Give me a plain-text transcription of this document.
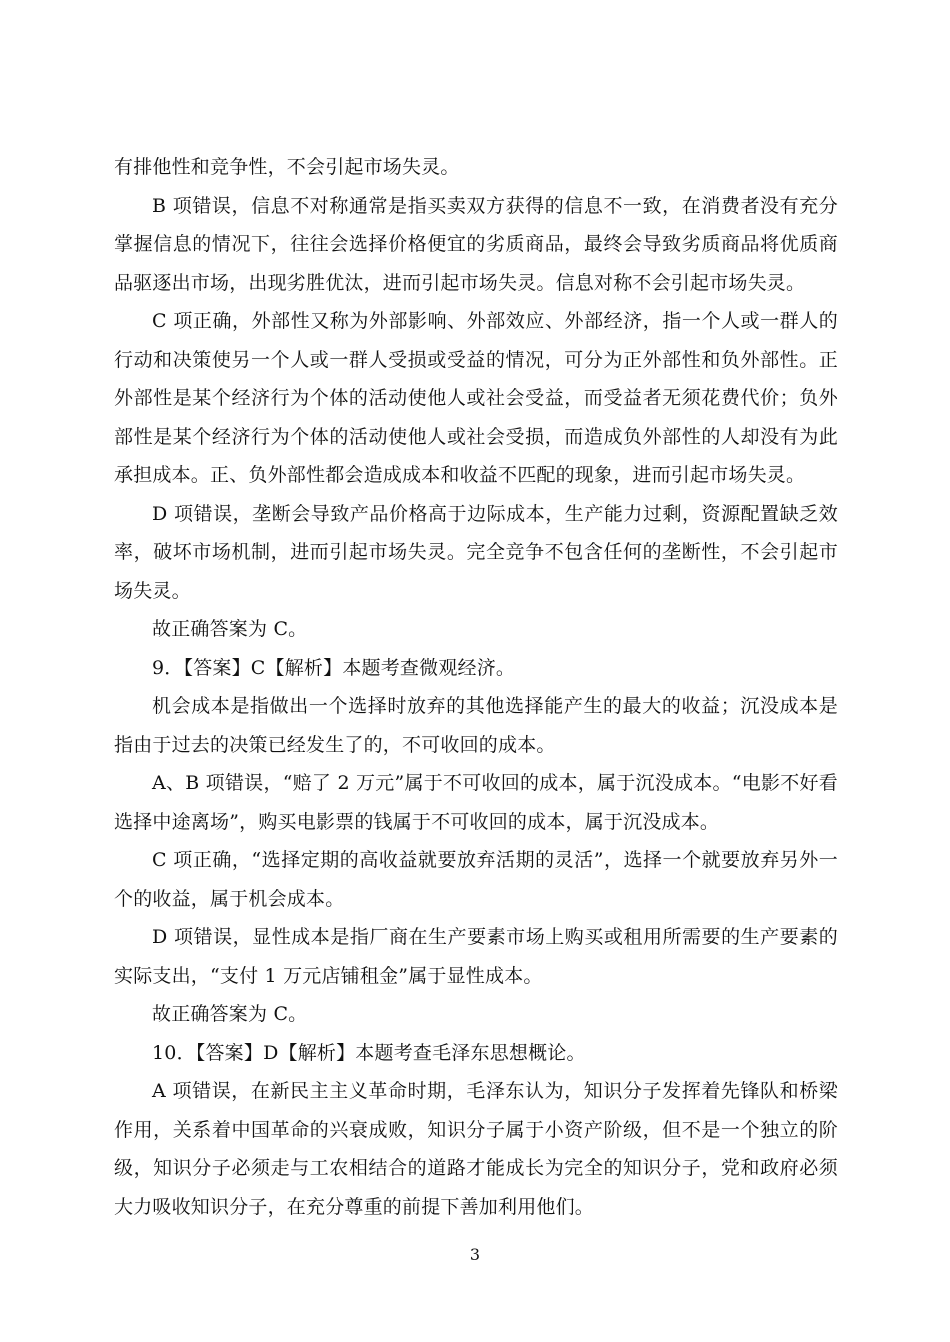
有排他性和竞争性，不会引起市场失灵。

B 项错误，信息不对称通常是指买卖双方获得的信息不一致，在消费者没有充分掌握信息的情况下，往往会选择价格便宜的劣质商品，最终会导致劣质商品将优质商品驱逐出市场，出现劣胜优汰，进而引起市场失灵。信息对称不会引起市场失灵。

C 项正确，外部性又称为外部影响、外部效应、外部经济，指一个人或一群人的行动和决策使另一个人或一群人受损或受益的情况，可分为正外部性和负外部性。正外部性是某个经济行为个体的活动使他人或社会受益，而受益者无须花费代价；负外部性是某个经济行为个体的活动使他人或社会受损，而造成负外部性的人却没有为此承担成本。正、负外部性都会造成成本和收益不匹配的现象，进而引起市场失灵。

D 项错误，垄断会导致产品价格高于边际成本，生产能力过剩，资源配置缺乏效率，破坏市场机制，进而引起市场失灵。完全竞争不包含任何的垄断性，不会引起市场失灵。

故正确答案为 C。

9．【答案】C【解析】本题考查微观经济。

机会成本是指做出一个选择时放弃的其他选择能产生的最大的收益；沉没成本是指由于过去的决策已经发生了的，不可收回的成本。

A、B 项错误，“赔了 2 万元”属于不可收回的成本，属于沉没成本。“电影不好看选择中途离场”，购买电影票的钱属于不可收回的成本，属于沉没成本。

C 项正确，“选择定期的高收益就要放弃活期的灵活”，选择一个就要放弃另外一个的收益，属于机会成本。

D 项错误，显性成本是指厂商在生产要素市场上购买或租用所需要的生产要素的实际支出，“支付 1 万元店铺租金”属于显性成本。

故正确答案为 C。

10．【答案】D【解析】本题考查毛泽东思想概论。

A 项错误，在新民主主义革命时期，毛泽东认为，知识分子发挥着先锋队和桥梁作用，关系着中国革命的兴衰成败，知识分子属于小资产阶级，但不是一个独立的阶级，知识分子必须走与工农相结合的道路才能成长为完全的知识分子，党和政府必须大力吸收知识分子，在充分尊重的前提下善加利用他们。

3
